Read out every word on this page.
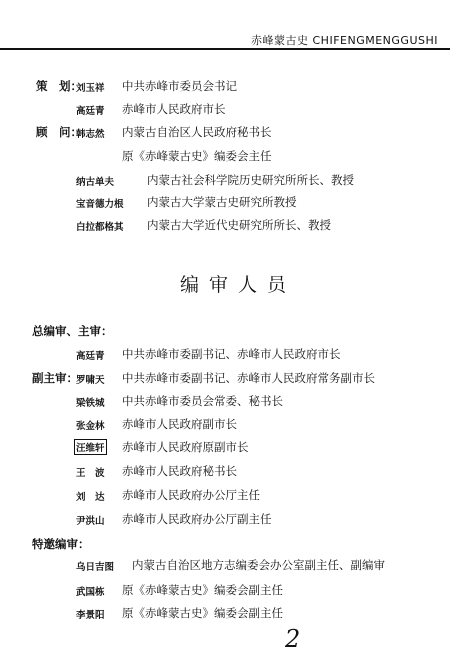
赤峰蒙古史 CHIFENGMENGGUSHI
策　划：
刘玉祥 中共赤峰市委员会书记
高廷青 赤峰市人民政府市长
顾　问：
韩志然 内蒙古自治区人民政府秘书长
原《赤峰蒙古史》编委会主任
纳古单夫	内蒙古社会科学院历史研究所所长、教授
宝音德力根 内蒙古大学蒙古史研究所教授
白拉都格其 内蒙古大学近代史研究所所长、教授
编审人员
总编审、主审：
高廷青 中共赤峰市委副书记、赤峰市人民政府市长
副主审：
罗啸天 中共赤峰市委副书记、赤峰市人民政府常务副市长
梁铁城 中共赤峰市委员会常委、秘书长
张金林 赤峰市人民政府副市长
汪维轩 赤峰市人民政府原副市长
王　波 赤峰市人民政府秘书长
刘　达 赤峰市人民政府办公厅主任
尹洪山 赤峰市人民政府办公厅副主任
特邀编审：
乌日吉图 内蒙古自治区地方志编委会办公室副主任、副编审
武国栋 原《赤峰蒙古史》编委会副主任
李景阳 原《赤峰蒙古史》编委会副主任
2
